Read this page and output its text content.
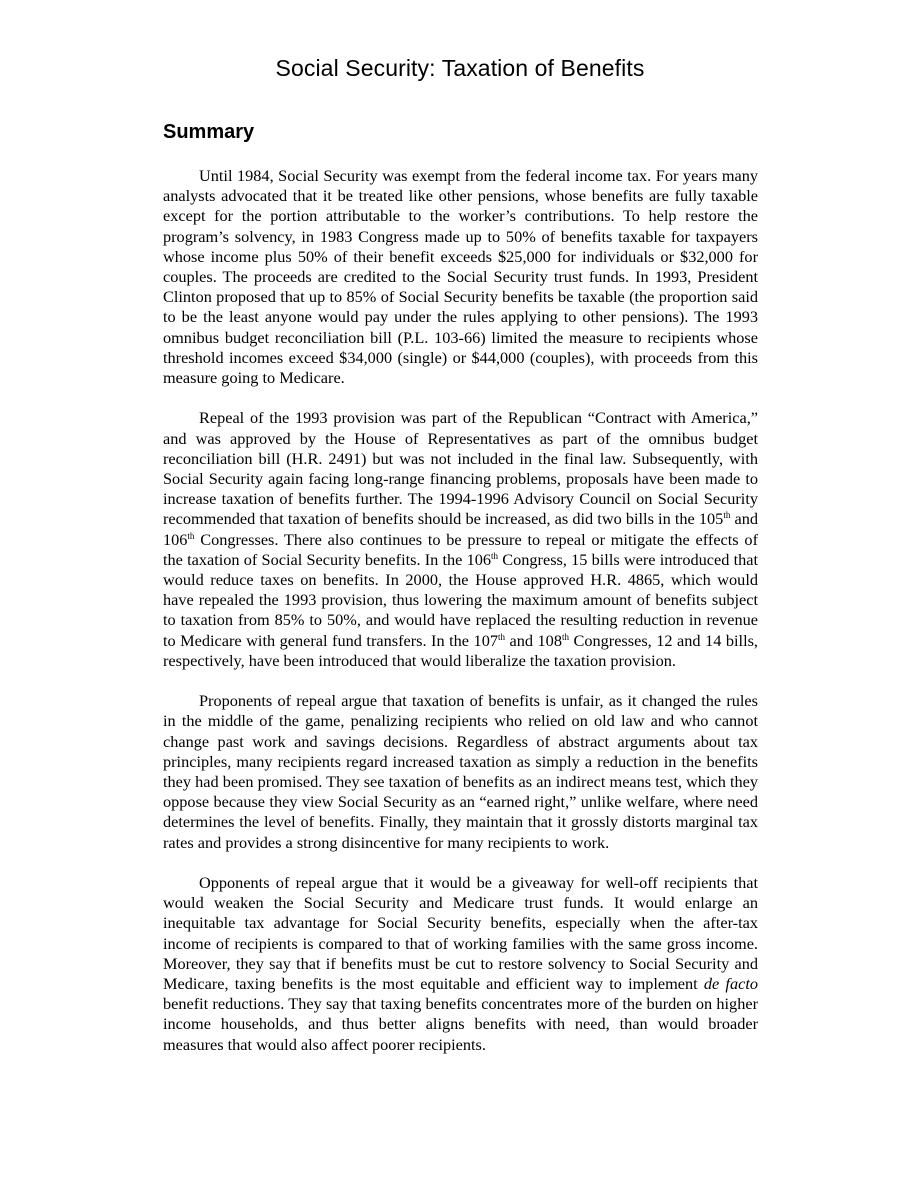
Social Security: Taxation of Benefits
Summary

Until 1984, Social Security was exempt from the federal income tax. For years many analysts advocated that it be treated like other pensions, whose benefits are fully taxable except for the portion attributable to the worker’s contributions. To help restore the program’s solvency, in 1983 Congress made up to 50% of benefits taxable for taxpayers whose income plus 50% of their benefit exceeds $25,000 for individuals or $32,000 for couples. The proceeds are credited to the Social Security trust funds. In 1993, President Clinton proposed that up to 85% of Social Security benefits be taxable (the proportion said to be the least anyone would pay under the rules applying to other pensions). The 1993 omnibus budget reconciliation bill (P.L. 103-66) limited the measure to recipients whose threshold incomes exceed $34,000 (single) or $44,000 (couples), with proceeds from this measure going to Medicare.

Repeal of the 1993 provision was part of the Republican “Contract with America,” and was approved by the House of Representatives as part of the omnibus budget reconciliation bill (H.R. 2491) but was not included in the final law. Subsequently, with Social Security again facing long-range financing problems, proposals have been made to increase taxation of benefits further. The 1994-1996 Advisory Council on Social Security recommended that taxation of benefits should be increased, as did two bills in the 105th and 106th Congresses. There also continues to be pressure to repeal or mitigate the effects of the taxation of Social Security benefits. In the 106th Congress, 15 bills were introduced that would reduce taxes on benefits. In 2000, the House approved H.R. 4865, which would have repealed the 1993 provision, thus lowering the maximum amount of benefits subject to taxation from 85% to 50%, and would have replaced the resulting reduction in revenue to Medicare with general fund transfers. In the 107th and 108th Congresses, 12 and 14 bills, respectively, have been introduced that would liberalize the taxation provision.

Proponents of repeal argue that taxation of benefits is unfair, as it changed the rules in the middle of the game, penalizing recipients who relied on old law and who cannot change past work and savings decisions. Regardless of abstract arguments about tax principles, many recipients regard increased taxation as simply a reduction in the benefits they had been promised. They see taxation of benefits as an indirect means test, which they oppose because they view Social Security as an “earned right,” unlike welfare, where need determines the level of benefits. Finally, they maintain that it grossly distorts marginal tax rates and provides a strong disincentive for many recipients to work.

Opponents of repeal argue that it would be a giveaway for well-off recipients that would weaken the Social Security and Medicare trust funds. It would enlarge an inequitable tax advantage for Social Security benefits, especially when the after-tax income of recipients is compared to that of working families with the same gross income. Moreover, they say that if benefits must be cut to restore solvency to Social Security and Medicare, taxing benefits is the most equitable and efficient way to implement de facto benefit reductions. They say that taxing benefits concentrates more of the burden on higher income households, and thus better aligns benefits with need, than would broader measures that would also affect poorer recipients.
